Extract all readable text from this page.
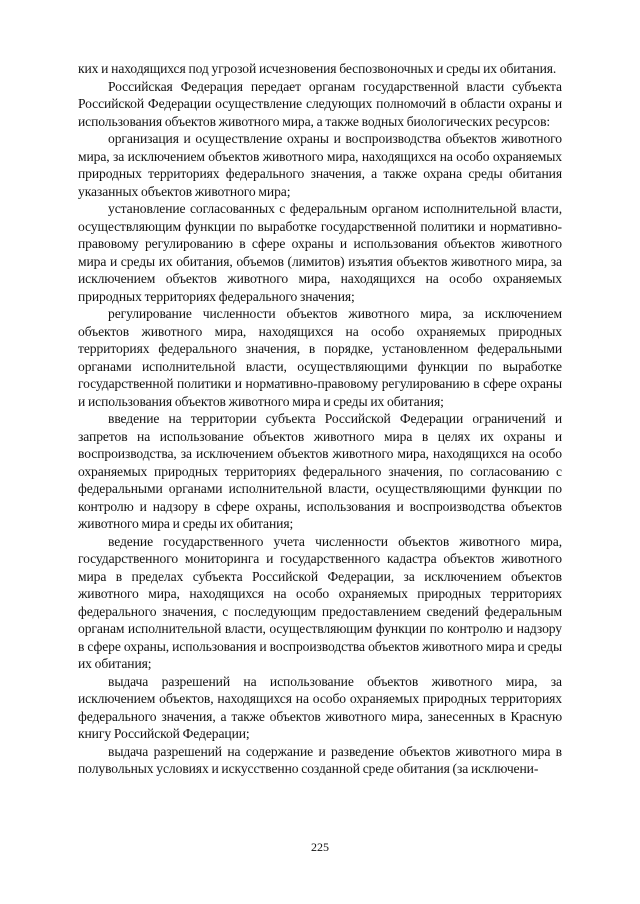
ких и находящихся под угрозой исчезновения беспозвоночных и среды их обитания.

Российская Федерация передает органам государственной власти субъекта Российской Федерации осуществление следующих полномочий в области охраны и использования объектов животного мира, а также водных биологических ресурсов:

организация и осуществление охраны и воспроизводства объектов животного мира, за исключением объектов животного мира, находящихся на особо охраняемых природных территориях федерального значения, а также охрана среды обитания указанных объектов животного мира;

установление согласованных с федеральным органом исполнительной власти, осуществляющим функции по выработке государственной политики и нормативно-правовому регулированию в сфере охраны и использования объектов животного мира и среды их обитания, объемов (лимитов) изъятия объектов животного мира, за исключением объектов животного мира, находящихся на особо охраняемых природных территориях федерального значения;

регулирование численности объектов животного мира, за исключением объектов животного мира, находящихся на особо охраняемых природных территориях федерального значения, в порядке, установленном федеральными органами исполнительной власти, осуществляющими функции по выработке государственной политики и нормативно-правовому регулированию в сфере охраны и использования объектов животного мира и среды их обитания;

введение на территории субъекта Российской Федерации ограничений и запретов на использование объектов животного мира в целях их охраны и воспроизводства, за исключением объектов животного мира, находящихся на особо охраняемых природных территориях федерального значения, по согласованию с федеральными органами исполнительной власти, осуществляющими функции по контролю и надзору в сфере охраны, использования и воспроизводства объектов животного мира и среды их обитания;

ведение государственного учета численности объектов животного мира, государственного мониторинга и государственного кадастра объектов животного мира в пределах субъекта Российской Федерации, за исключением объектов животного мира, находящихся на особо охраняемых природных территориях федерального значения, с последующим предоставлением сведений федеральным органам исполнительной власти, осуществляющим функции по контролю и надзору в сфере охраны, использования и воспроизводства объектов животного мира и среды их обитания;

выдача разрешений на использование объектов животного мира, за исключением объектов, находящихся на особо охраняемых природных территориях федерального значения, а также объектов животного мира, занесенных в Красную книгу Российской Федерации;

выдача разрешений на содержание и разведение объектов животного мира в полувольных условиях и искусственно созданной среде обитания (за исключени-

225
